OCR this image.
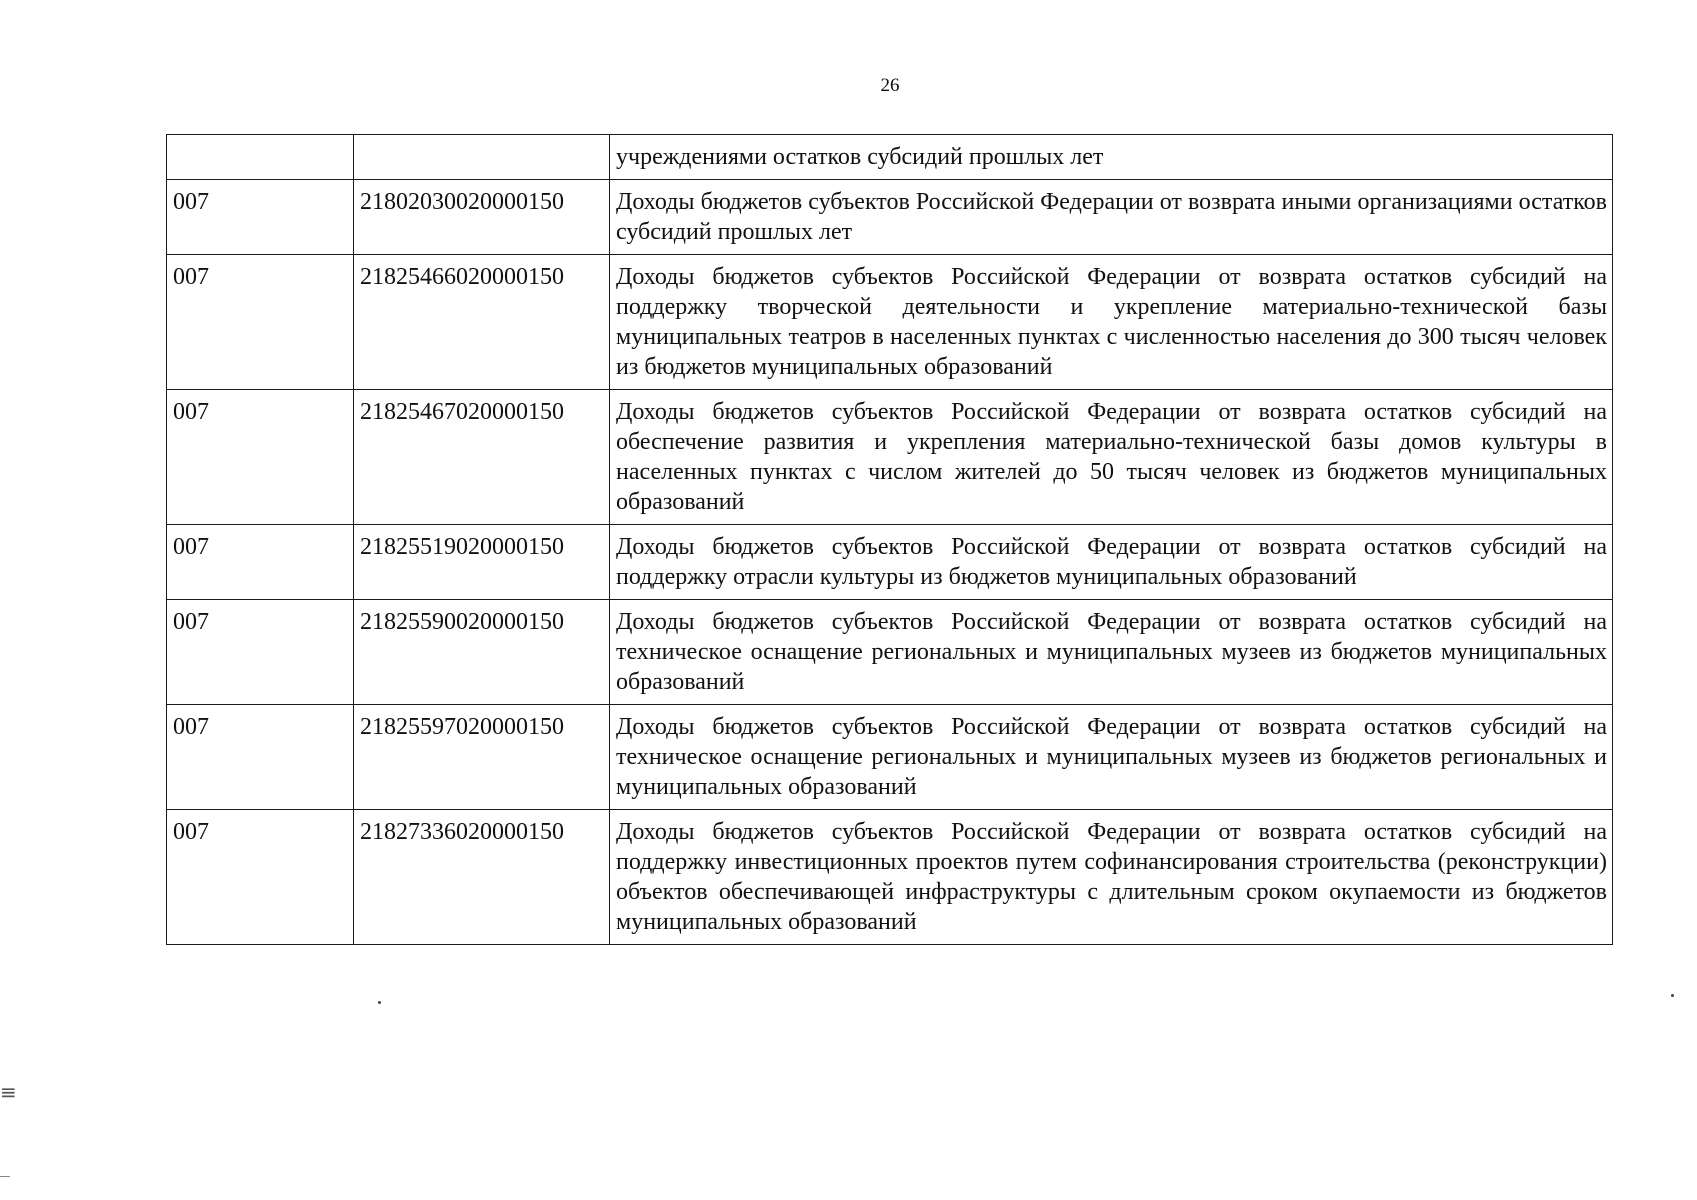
26
		учреждениями остатков субсидий прошлых лет
007	21802030020000150	Доходы бюджетов субъектов Российской Федерации от возврата иными организациями остатков субсидий прошлых лет
007	21825466020000150	Доходы бюджетов субъектов Российской Федерации от возврата остатков субсидий на поддержку творческой деятельности и укрепление материально-технической базы муниципальных театров в населенных пунктах с численностью населения до 300 тысяч человек из бюджетов муниципальных образований
007	21825467020000150	Доходы бюджетов субъектов Российской Федерации от возврата остатков субсидий на обеспечение развития и укрепления материально-технической базы домов культуры в населенных пунктах с числом жителей до 50 тысяч человек из бюджетов муниципальных образований
007	21825519020000150	Доходы бюджетов субъектов Российской Федерации от возврата остатков субсидий на поддержку отрасли культуры из бюджетов муниципальных образований
007	21825590020000150	Доходы бюджетов субъектов Российской Федерации от возврата остатков субсидий на техническое оснащение региональных и муниципальных музеев из бюджетов муниципальных образований
007	21825597020000150	Доходы бюджетов субъектов Российской Федерации от возврата остатков субсидий на техническое оснащение региональных и муниципальных музеев из бюджетов региональных и муниципальных образований
007	21827336020000150	Доходы бюджетов субъектов Российской Федерации от возврата остатков субсидий на поддержку инвестиционных проектов путем софинансирования строительства (реконструкции) объектов обеспечивающей инфраструктуры с длительным сроком окупаемости из бюджетов муниципальных образований
≡
